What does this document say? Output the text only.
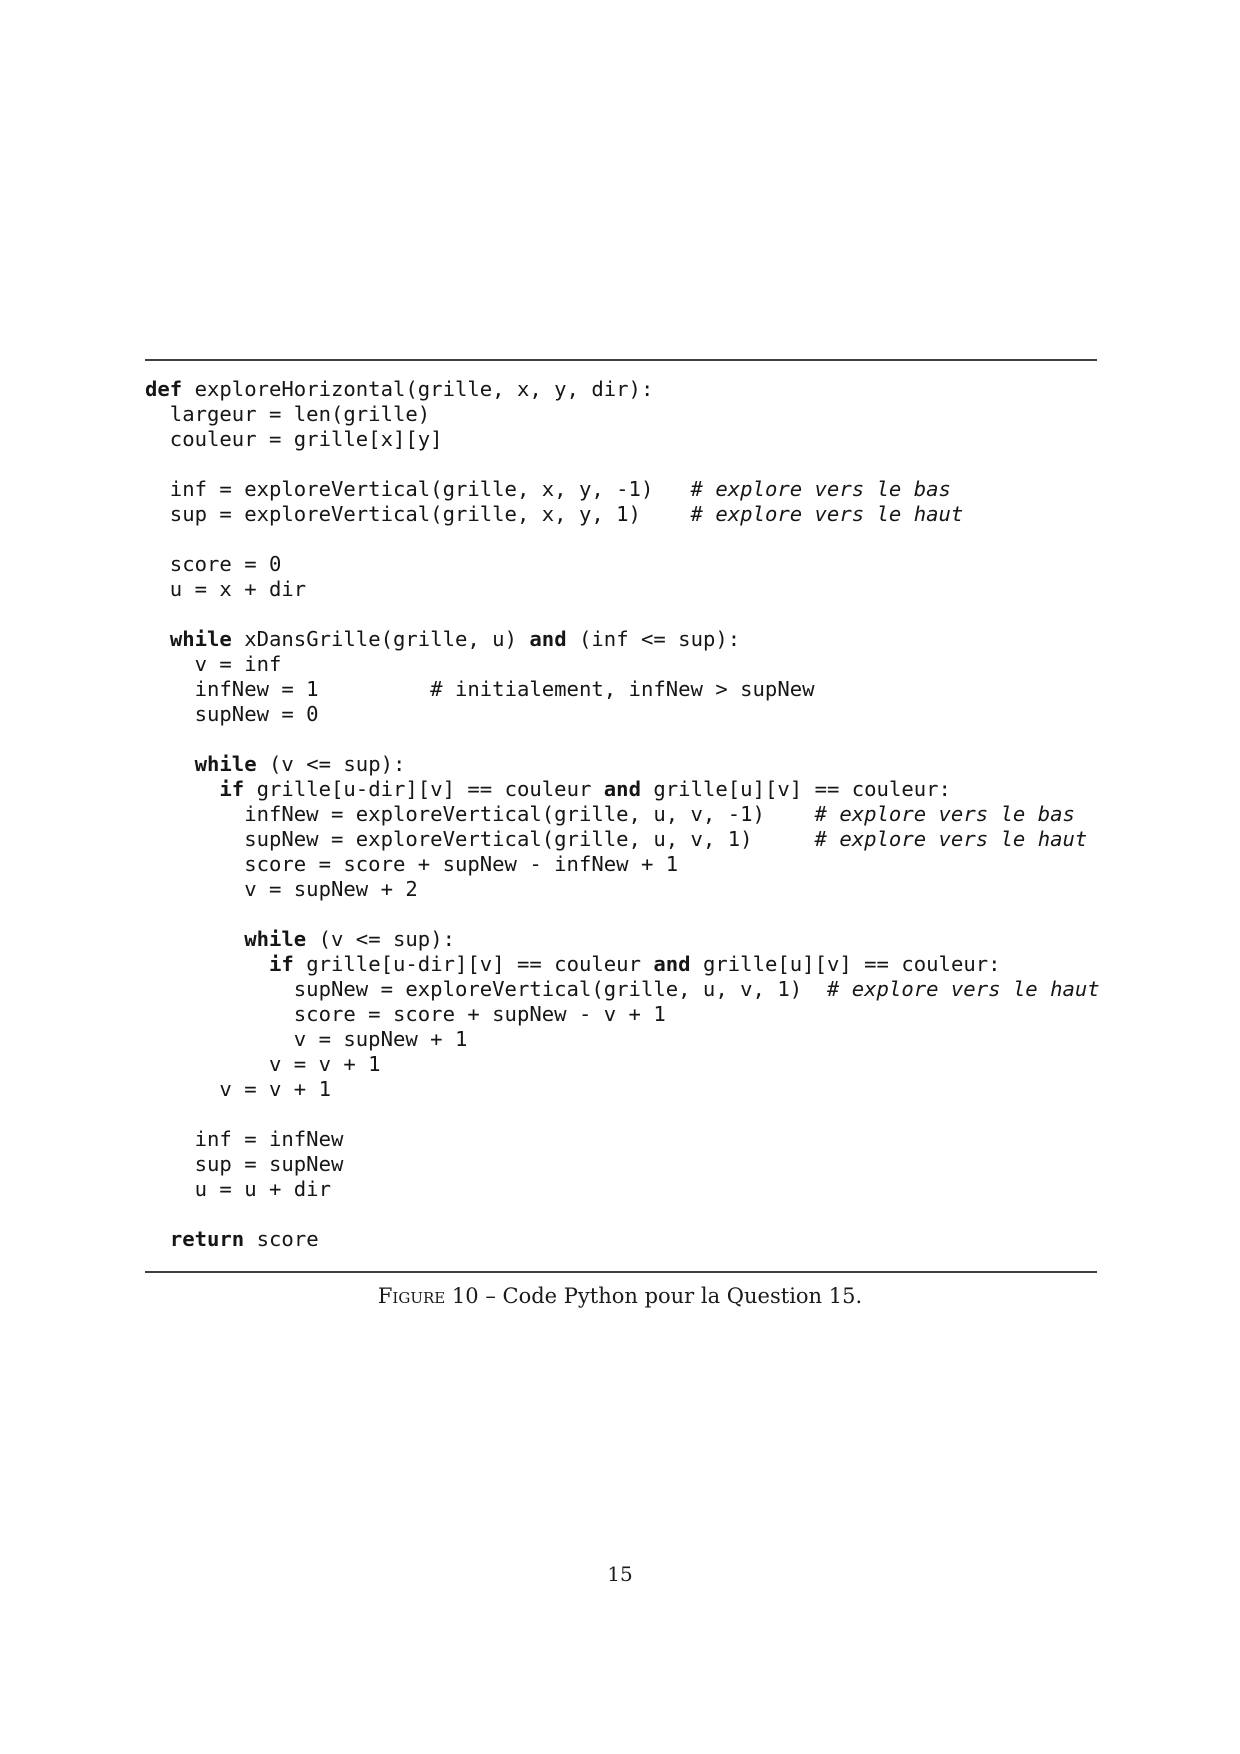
def exploreHorizontal(grille, x, y, dir):
largeur = len(grille)
couleur = grille[x][y]

inf = exploreVertical(grille, x, y, -1)   # explore vers le bas
sup = exploreVertical(grille, x, y, 1)    # explore vers le haut

score = 0
u = x + dir

while xDansGrille(grille, u) and (inf <= sup):
v = inf
infNew = 1         # initialement, infNew > supNew
supNew = 0

while (v <= sup):
if grille[u-dir][v] == couleur and grille[u][v] == couleur:
infNew = exploreVertical(grille, u, v, -1)    # explore vers le bas
supNew = exploreVertical(grille, u, v, 1)     # explore vers le haut
score = score + supNew - infNew + 1
v = supNew + 2

while (v <= sup):
if grille[u-dir][v] == couleur and grille[u][v] == couleur:
supNew = exploreVertical(grille, u, v, 1)  # explore vers le haut
score = score + supNew - v + 1
v = supNew + 1
v = v + 1
v = v + 1

inf = infNew
sup = supNew
u = u + dir

return score

Figure 10 – Code Python pour la Question 15.
15
